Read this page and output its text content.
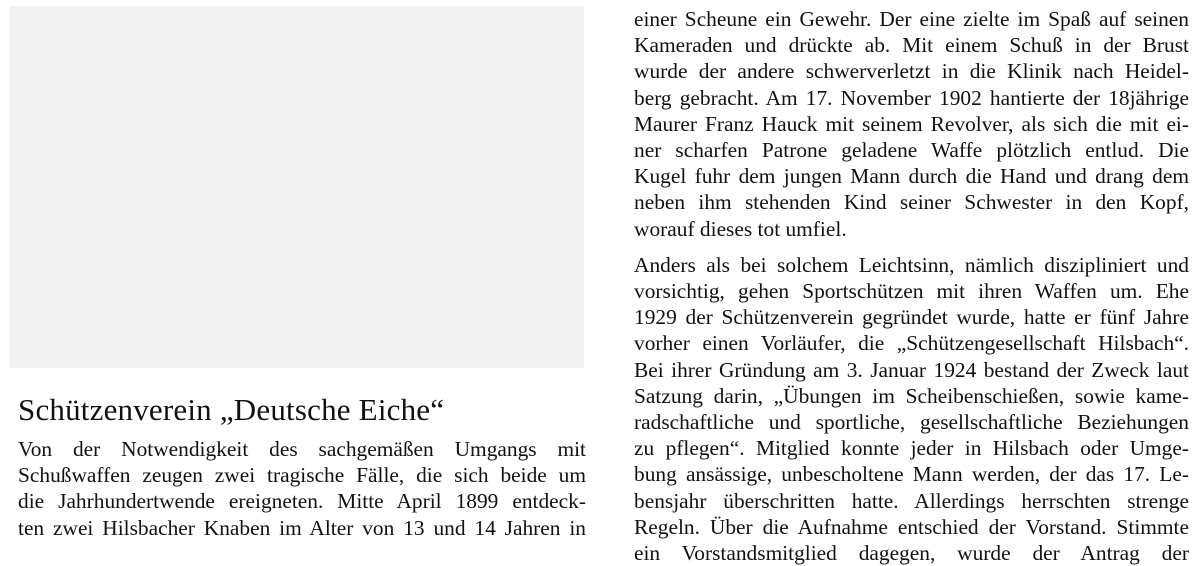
Schützenverein „Deutsche Eiche“
Von der Notwendigkeit des sachgemäßen Umgangs mit
Schußwaffen zeugen zwei tragische Fälle, die sich beide um
die Jahrhundertwende ereigneten. Mitte April 1899 entdeck-
ten zwei Hilsbacher Knaben im Alter von 13 und 14 Jahren in
einer Scheune ein Gewehr. Der eine zielte im Spaß auf seinen
Kameraden und drückte ab. Mit einem Schuß in der Brust
wurde der andere schwerverletzt in die Klinik nach Heidel-
berg gebracht. Am 17. November 1902 hantierte der 18jährige
Maurer Franz Hauck mit seinem Revolver, als sich die mit ei-
ner scharfen Patrone geladene Waffe plötzlich entlud. Die
Kugel fuhr dem jungen Mann durch die Hand und drang dem
neben ihm stehenden Kind seiner Schwester in den Kopf,
worauf dieses tot umfiel.
Anders als bei solchem Leichtsinn, nämlich diszipliniert und
vorsichtig, gehen Sportschützen mit ihren Waffen um. Ehe
1929 der Schützenverein gegründet wurde, hatte er fünf Jahre
vorher einen Vorläufer, die „Schützengesellschaft Hilsbach“.
Bei ihrer Gründung am 3. Januar 1924 bestand der Zweck laut
Satzung darin, „Übungen im Scheibenschießen, sowie kame-
radschaftliche und sportliche, gesellschaftliche Beziehungen
zu pflegen“. Mitglied konnte jeder in Hilsbach oder Umge-
bung ansässige, unbescholtene Mann werden, der das 17. Le-
bensjahr überschritten hatte. Allerdings herrschten strenge
Regeln. Über die Aufnahme entschied der Vorstand. Stimmte
ein Vorstandsmitglied dagegen, wurde der Antrag der
